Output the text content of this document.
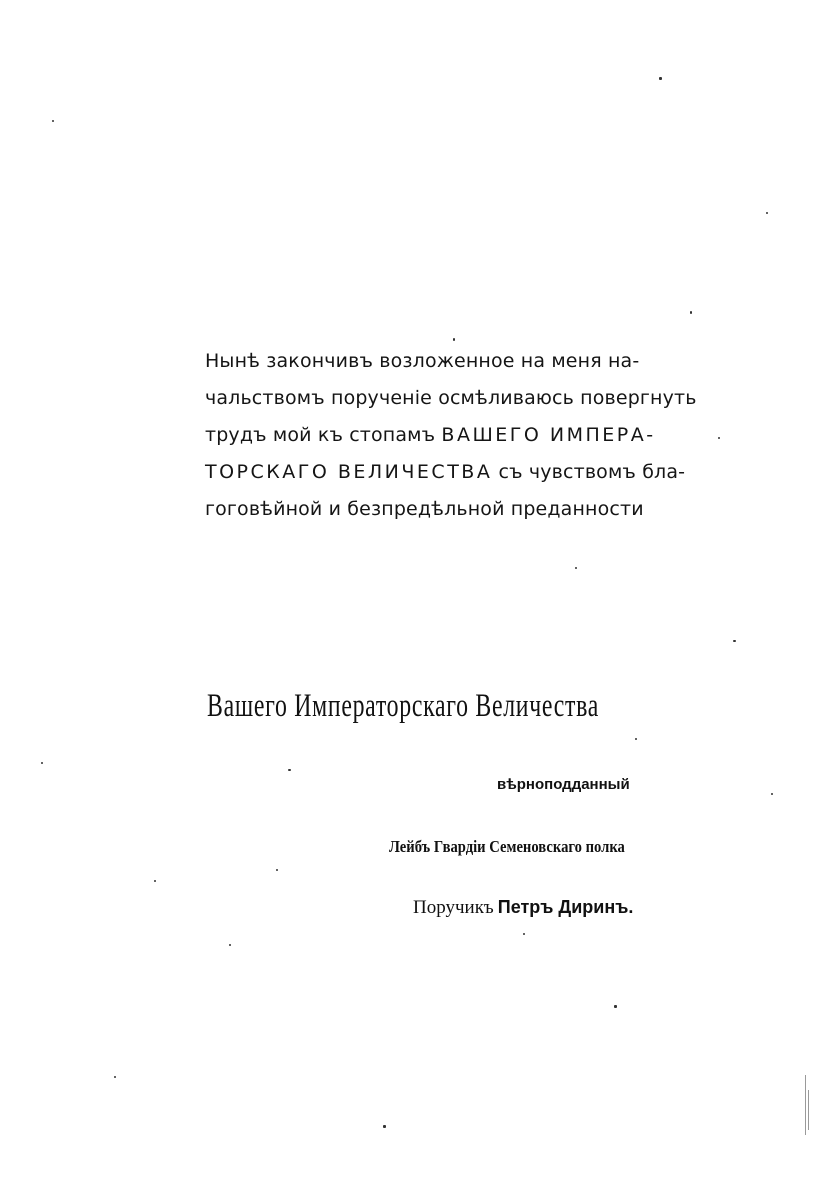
Нынѣ закончивъ возложенное на меня на-
чальствомъ порученіе осмѣливаюсь повергнуть
трудъ мой къ стопамъ ВАШЕГО ИМПЕРА-
ТОРСКАГО ВЕЛИЧЕСТВА съ чувствомъ бла-
гоговѣйной и безпредѣльной преданности
Вашего Императорскаго Величества
вѣрноподданный
Лейбъ Гвардіи Семеновскаго полка
Поручикъ Петръ Диринъ.
